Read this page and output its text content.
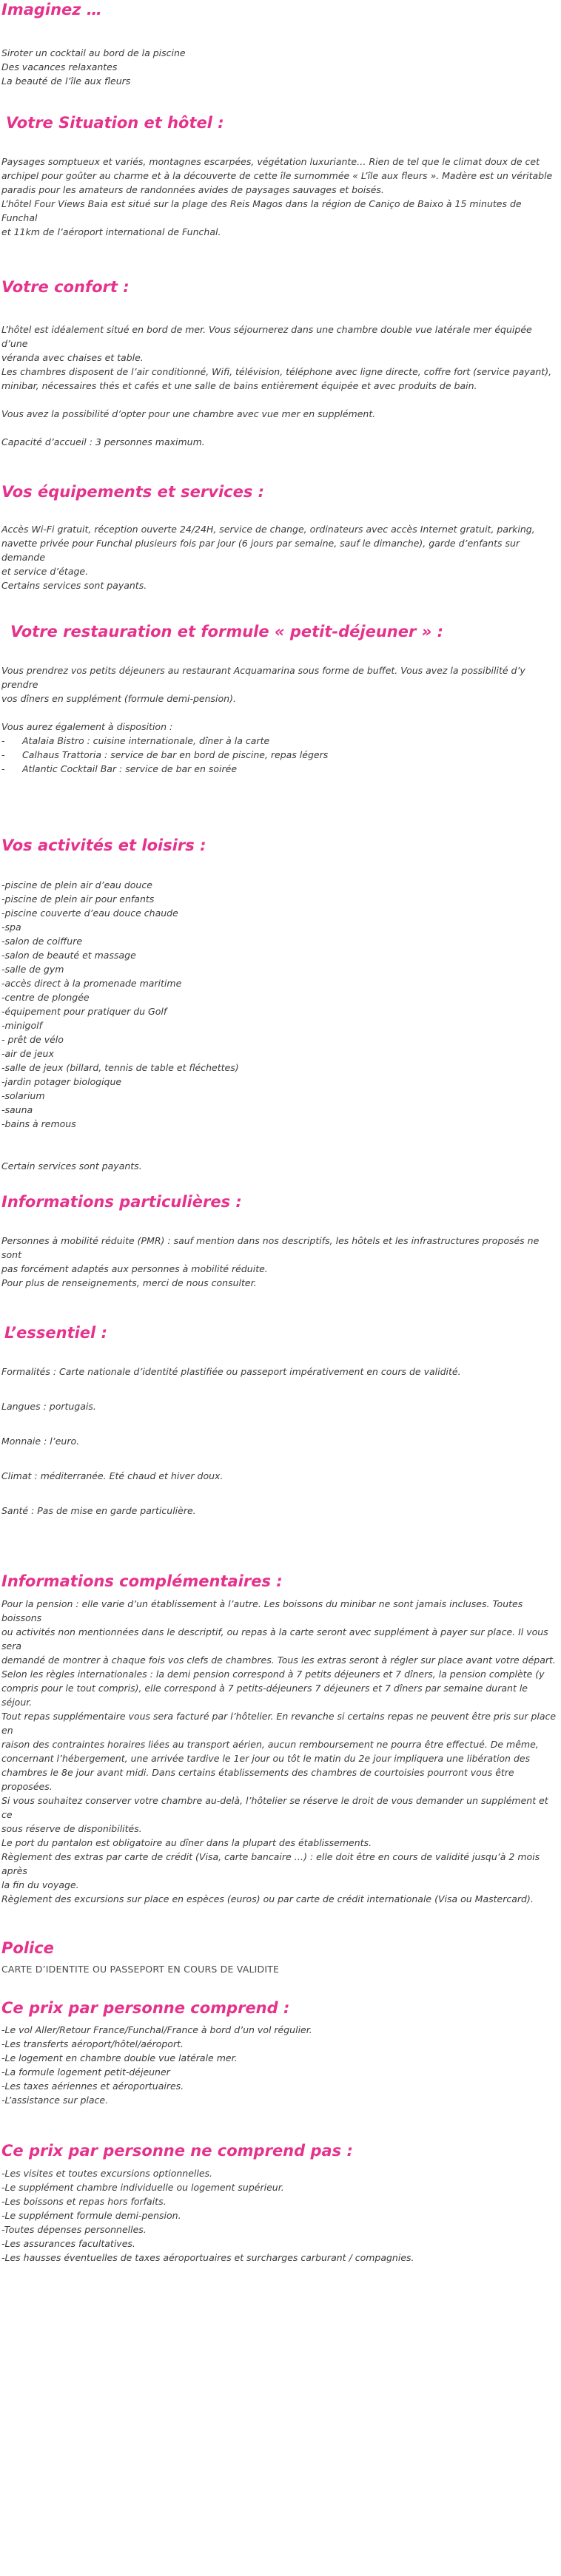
Imaginez …
Siroter un cocktail au bord de la piscine
Des vacances relaxantes
La beauté de l’île aux fleurs
Votre Situation et hôtel :
Paysages somptueux et variés, montagnes escarpées, végétation luxuriante… Rien de tel que le climat doux de cet
archipel pour goûter au charme et à la découverte de cette île surnommée « L’île aux fleurs ». Madère est un véritable
paradis pour les amateurs de randonnées avides de paysages sauvages et boisés.
L’hôtel Four Views Baia est situé sur la plage des Reis Magos dans la région de Caniço de Baixo à 15 minutes de Funchal
et 11km de l’aéroport international de Funchal.
Votre confort :
L’hôtel est idéalement situé en bord de mer. Vous séjournerez dans une chambre double vue latérale mer équipée d’une
véranda avec chaises et table.
Les chambres disposent de l’air conditionné, Wifi, télévision, téléphone avec ligne directe, coffre fort (service payant),
minibar, nécessaires thés et cafés et une salle de bains entièrement équipée et avec produits de bain.

Vous avez la possibilité d’opter pour une chambre avec vue mer en supplément.

Capacité d’accueil : 3 personnes maximum.

Vos équipements et services :
Accès Wi-Fi gratuit, réception ouverte 24/24H, service de change, ordinateurs avec accès Internet gratuit, parking,
navette privée pour Funchal plusieurs fois par jour (6 jours par semaine, sauf le dimanche), garde d’enfants sur demande
et service d’étage.
Certains services sont payants.
Votre restauration et formule « petit-déjeuner » :
Vous prendrez vos petits déjeuners au restaurant Acquamarina sous forme de buffet. Vous avez la possibilité d’y prendre
vos dîners en supplément (formule demi-pension).

Vous aurez également à disposition :

-	Atalaia Bistro : cuisine internationale, dîner à la carte
-	Calhaus Trattoria : service de bar en bord de piscine, repas légers
-	Atlantic Cocktail Bar : service de bar en soirée
Vos activités et loisirs :
-piscine de plein air d’eau douce
-piscine de plein air pour enfants
-piscine couverte d’eau douce chaude
-spa
-salon de coiffure
-salon de beauté et massage
-salle de gym
-accès direct à la promenade maritime
-centre de plongée
-équipement pour pratiquer du Golf
-minigolf
- prêt de vélo
-air de jeux
-salle de jeux (billard, tennis de table et fléchettes)
-jardin potager biologique
-solarium
-sauna
-bains à remous

Certain services sont payants.

Informations particulières :
Personnes à mobilité réduite (PMR) : sauf mention dans nos descriptifs, les hôtels et les infrastructures proposés ne sont
pas forcément adaptés aux personnes à mobilité réduite.
Pour plus de renseignements, merci de nous consulter.
L’essentiel :

Formalités : Carte nationale d’identité plastifiée ou passeport impérativement en cours de validité.

Langues : portugais.

Monnaie : l’euro.

Climat : méditerranée. Eté chaud et hiver doux.

Santé : Pas de mise en garde particulière.

Informations complémentaires :
Pour la pension : elle varie d’un établissement à l’autre. Les boissons du minibar ne sont jamais incluses. Toutes boissons
ou activités non mentionnées dans le descriptif, ou repas à la carte seront avec supplément à payer sur place. Il vous sera
demandé de montrer à chaque fois vos clefs de chambres. Tous les extras seront à régler sur place avant votre départ.
Selon les règles internationales : la demi pension correspond à 7 petits déjeuners et 7 dîners, la pension complète (y
compris pour le tout compris), elle correspond à 7 petits-déjeuners 7 déjeuners et 7 dîners par semaine durant le séjour.
Tout repas supplémentaire vous sera facturé par l’hôtelier. En revanche si certains repas ne peuvent être pris sur place en
raison des contraintes horaires liées au transport aérien, aucun remboursement ne pourra être effectué. De même,
concernant l’hébergement, une arrivée tardive le 1er jour ou tôt le matin du 2e jour impliquera une libération des
chambres le 8e jour avant midi. Dans certains établissements des chambres de courtoisies pourront vous être proposées.
Si vous souhaitez conserver votre chambre au-delà, l’hôtelier se réserve le droit de vous demander un supplément et ce
sous réserve de disponibilités.
Le port du pantalon est obligatoire au dîner dans la plupart des établissements.
Règlement des extras par carte de crédit (Visa, carte bancaire …) : elle doit être en cours de validité jusqu’à 2 mois après
la fin du voyage.
Règlement des excursions sur place en espèces (euros) ou par carte de crédit internationale (Visa ou Mastercard).
Police

CARTE D’IDENTITE OU PASSEPORT EN COURS DE VALIDITE

Ce prix par personne comprend :
-Le vol Aller/Retour France/Funchal/France à bord d’un vol régulier.
-Les transferts aéroport/hôtel/aéroport.
-Le logement en chambre double vue latérale mer.
-La formule logement petit-déjeuner
-Les taxes aériennes et aéroportuaires.
-L’assistance sur place.
Ce prix par personne ne comprend pas :
-Les visites et toutes excursions optionnelles.
-Le supplément chambre individuelle ou logement supérieur.
-Les boissons et repas hors forfaits.
-Le supplément formule demi-pension.
-Toutes dépenses personnelles.
-Les assurances facultatives.
-Les hausses éventuelles de taxes aéroportuaires et surcharges carburant / compagnies.
